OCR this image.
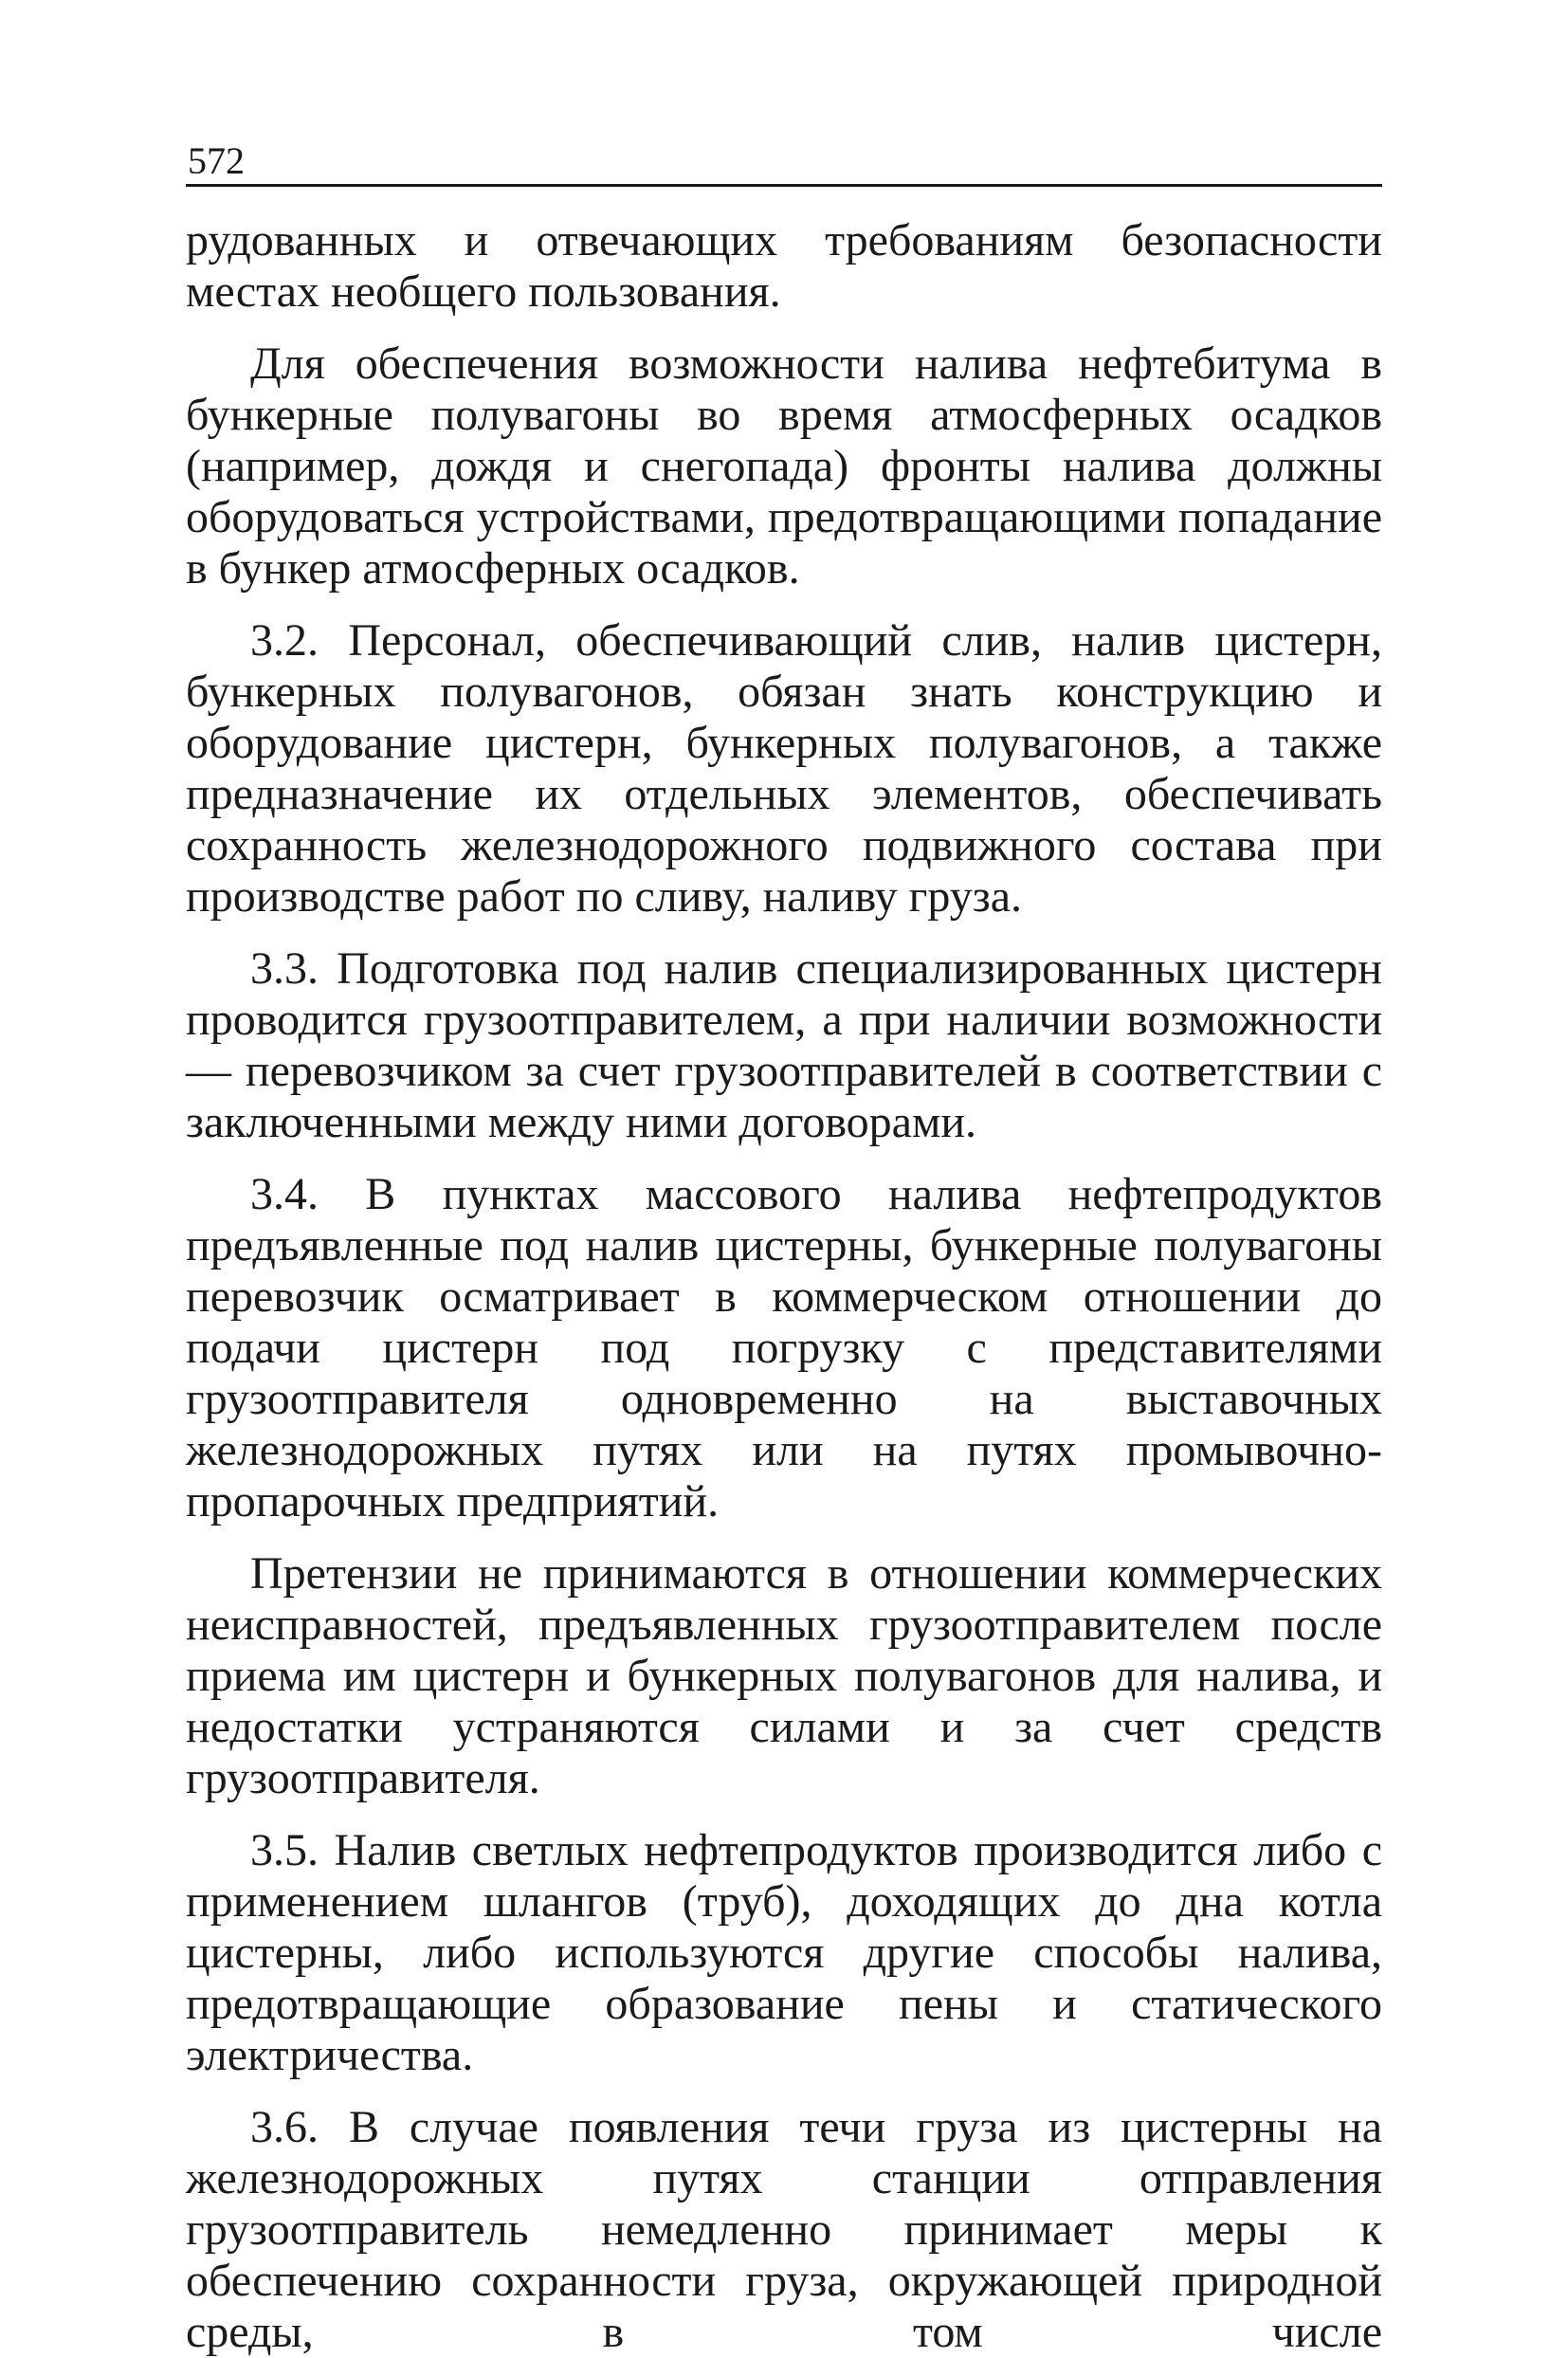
572

рудованных и отвечающих требованиям безопасности местах необщего пользования.

Для обеспечения возможности налива нефтебитума в бункерные полувагоны во время атмосферных осадков (например, дождя и снегопада) фронты налива должны оборудоваться устройствами, предотвращающими попадание в бункер атмосферных осадков.

3.2. Персонал, обеспечивающий слив, налив цистерн, бункерных полувагонов, обязан знать конструкцию и оборудование цистерн, бункерных полувагонов, а также предназначение их отдельных элементов, обеспечивать сохранность железнодорожного подвижного состава при производстве работ по сливу, наливу груза.

3.3. Подготовка под налив специализированных цистерн проводится грузоотправителем, а при наличии возможности — перевозчиком за счет грузоотправителей в соответствии с заключенными между ними договорами.

3.4. В пунктах массового налива нефтепродуктов предъявленные под налив цистерны, бункерные полувагоны перевозчик осматривает в коммерческом отношении до подачи цистерн под погрузку с представителями грузоотправителя одновременно на выставочных железнодорожных путях или на путях промывочно-пропарочных предприятий.

Претензии не принимаются в отношении коммерческих неисправностей, предъявленных грузоотправителем после приема им цистерн и бункерных полувагонов для налива, и недостатки устраняются силами и за счет средств грузоотправителя.

3.5. Налив светлых нефтепродуктов производится либо с применением шлангов (труб), доходящих до дна котла цистерны, либо используются другие способы налива, предотвращающие образование пены и статического электричества.

3.6. В случае появления течи груза из цистерны на железнодорожных путях станции отправления грузоотправитель немедленно принимает меры к обеспечению сохранности груза, окружающей природной среды, в том числе
